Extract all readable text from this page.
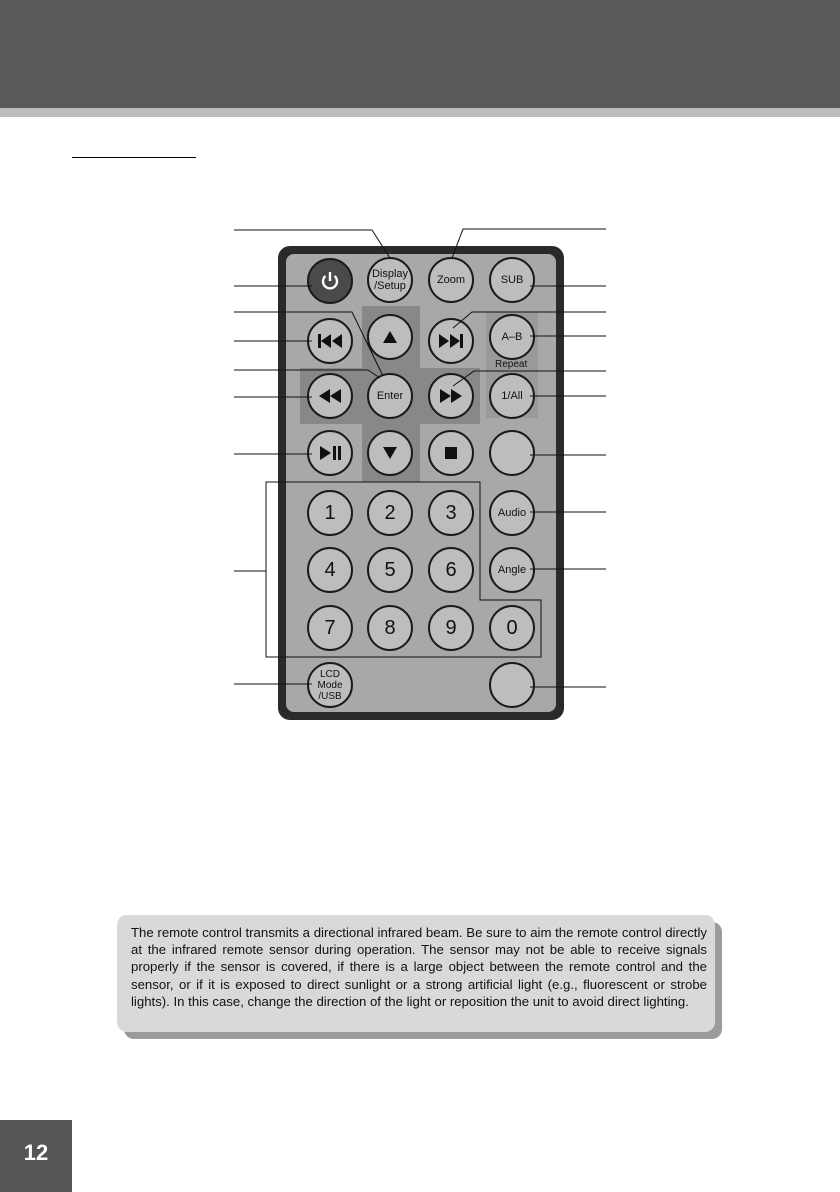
Display
/Setup	Zoom	SUB
A–B
Repeat
Enter	1/All
1 2 3	Audio
4 5 6	Angle
7 8 9 0
LCD
Mode
/USB

The remote control transmits a directional infrared beam. Be sure to aim the remote control directly at the infrared remote sensor during operation. The sensor may not be able to receive signals properly if the sensor is covered, if there is a large object between the remote control and the sensor, or if it is exposed to direct sunlight or a strong artificial light (e.g., fluorescent or strobe lights). In this case, change the direction of the light or reposition the unit to avoid direct lighting.

12
